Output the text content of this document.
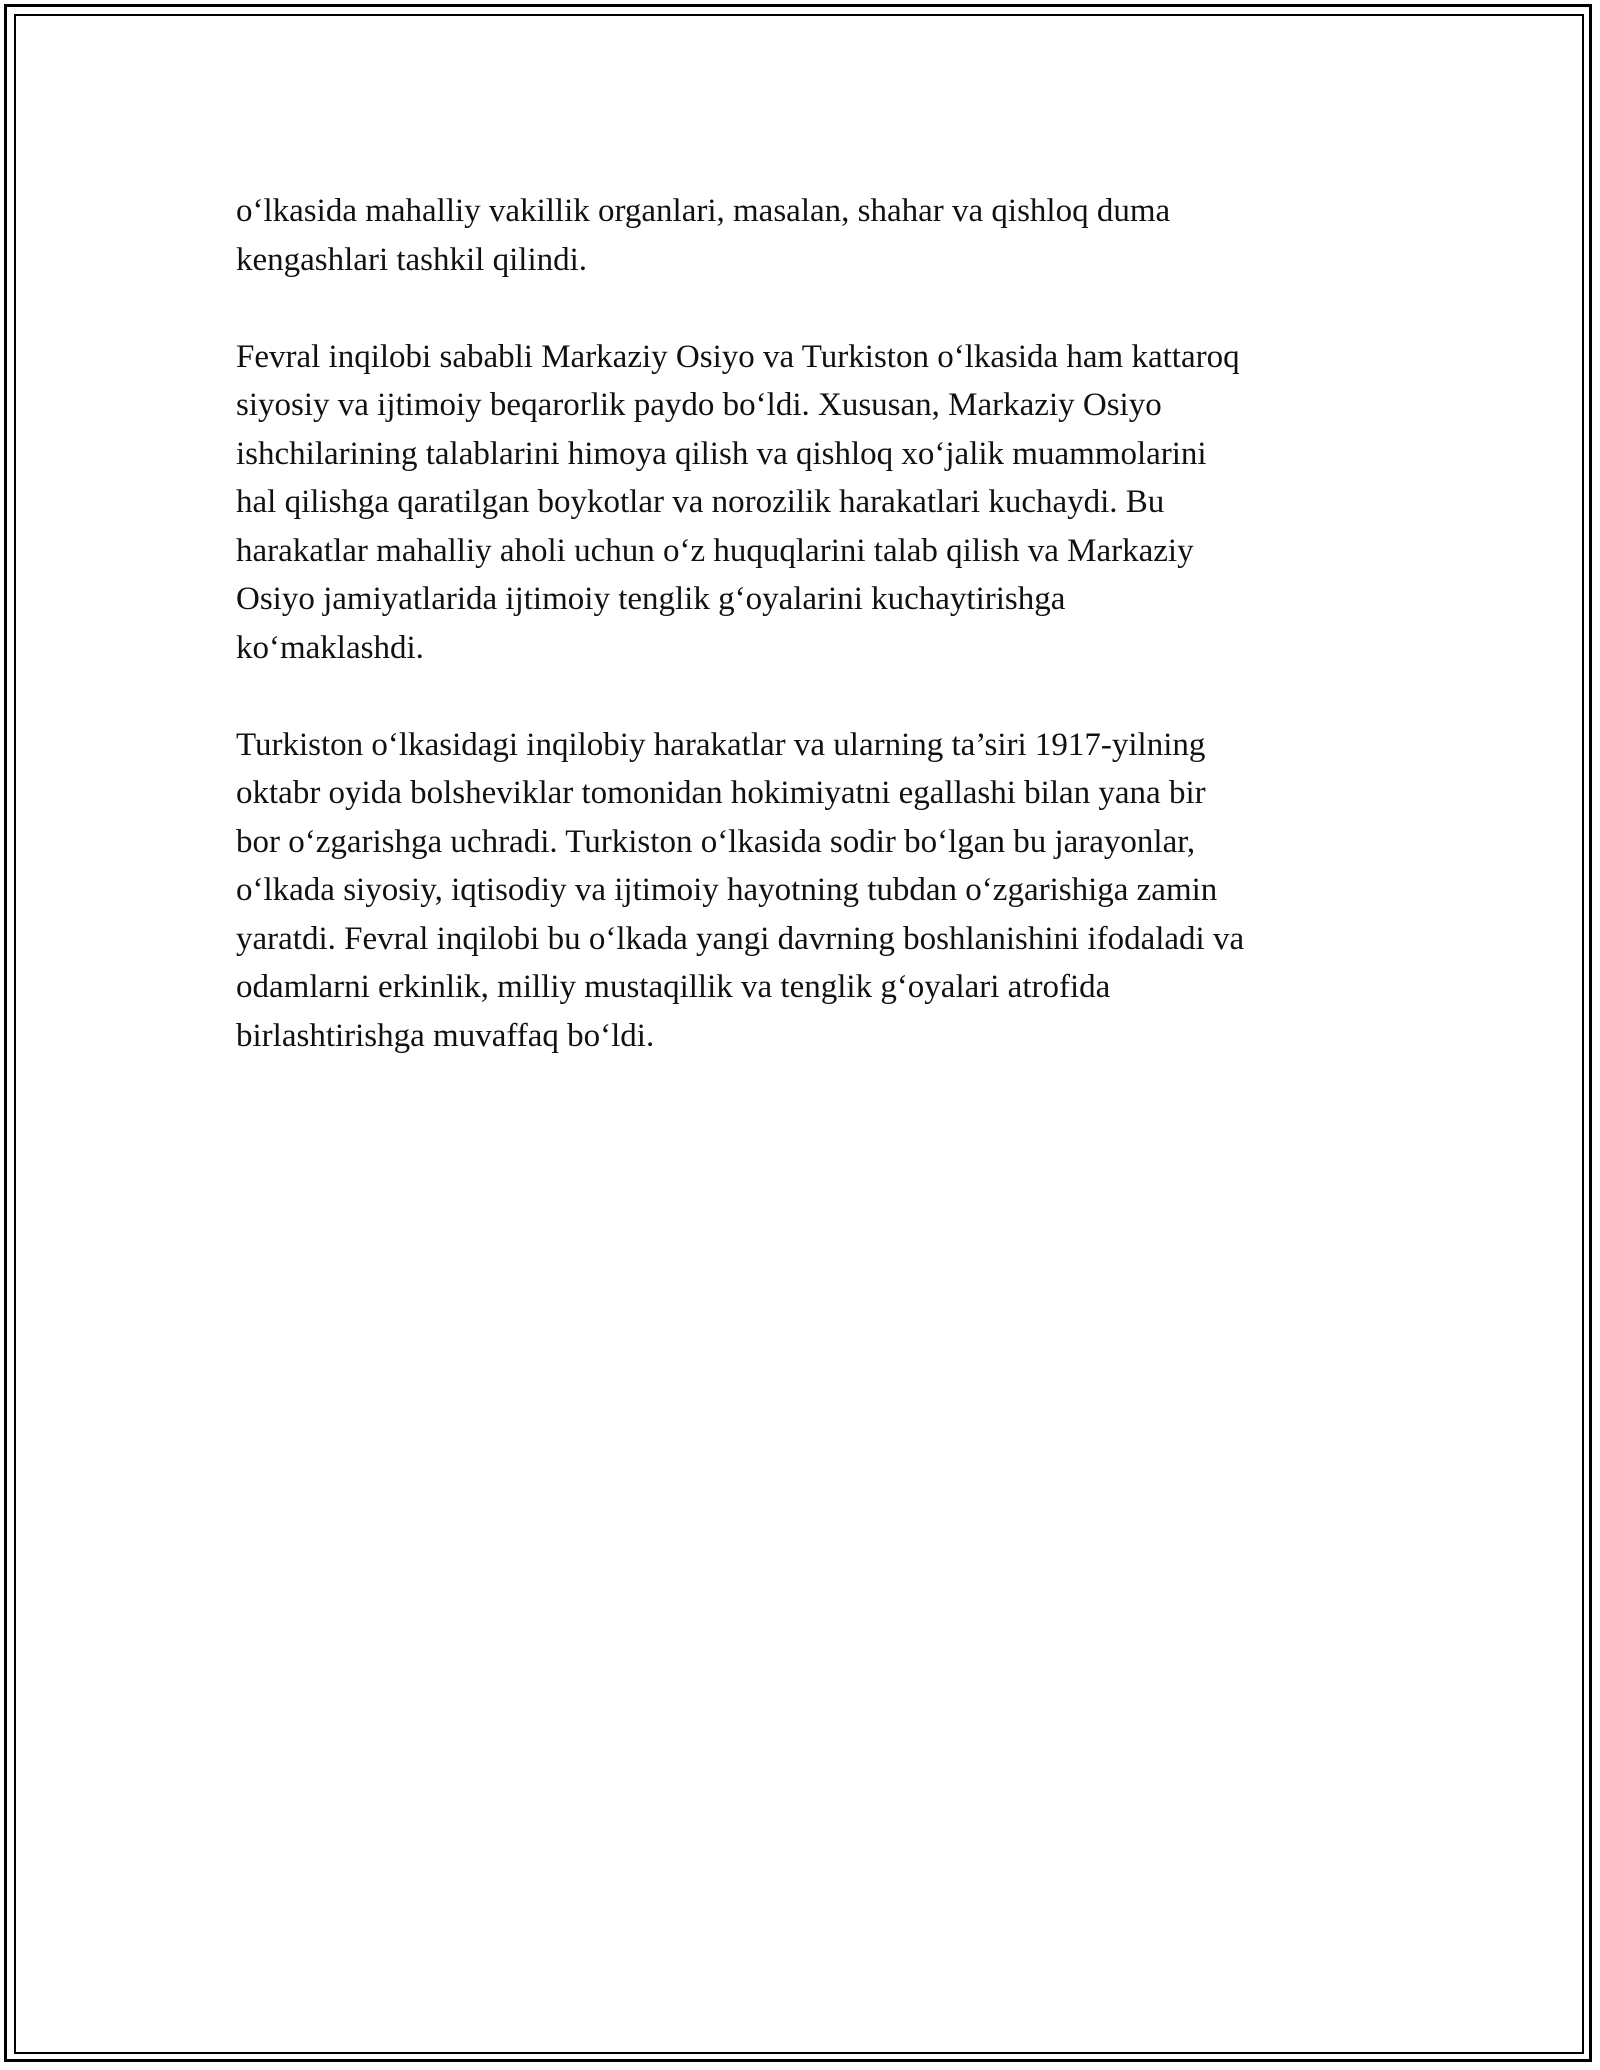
o‘lkasida mahalliy vakillik organlari, masalan, shahar va qishloq duma
kengashlari tashkil qilindi.

Fevral inqilobi sababli Markaziy Osiyo va Turkiston o‘lkasida ham kattaroq
siyosiy va ijtimoiy beqarorlik paydo bo‘ldi. Xususan, Markaziy Osiyo
ishchilarining talablarini himoya qilish va qishloq xo‘jalik muammolarini
hal qilishga qaratilgan boykotlar va norozilik harakatlari kuchaydi. Bu
harakatlar mahalliy aholi uchun o‘z huquqlarini talab qilish va Markaziy
Osiyo jamiyatlarida ijtimoiy tenglik g‘oyalarini kuchaytirishga
ko‘maklashdi.

Turkiston o‘lkasidagi inqilobiy harakatlar va ularning ta’siri 1917-yilning
oktabr oyida bolsheviklar tomonidan hokimiyatni egallashi bilan yana bir
bor o‘zgarishga uchradi. Turkiston o‘lkasida sodir bo‘lgan bu jarayonlar,
o‘lkada siyosiy, iqtisodiy va ijtimoiy hayotning tubdan o‘zgarishiga zamin
yaratdi. Fevral inqilobi bu o‘lkada yangi davrning boshlanishini ifodaladi va
odamlarni erkinlik, milliy mustaqillik va tenglik g‘oyalari atrofida
birlashtirishga muvaffaq bo‘ldi.
